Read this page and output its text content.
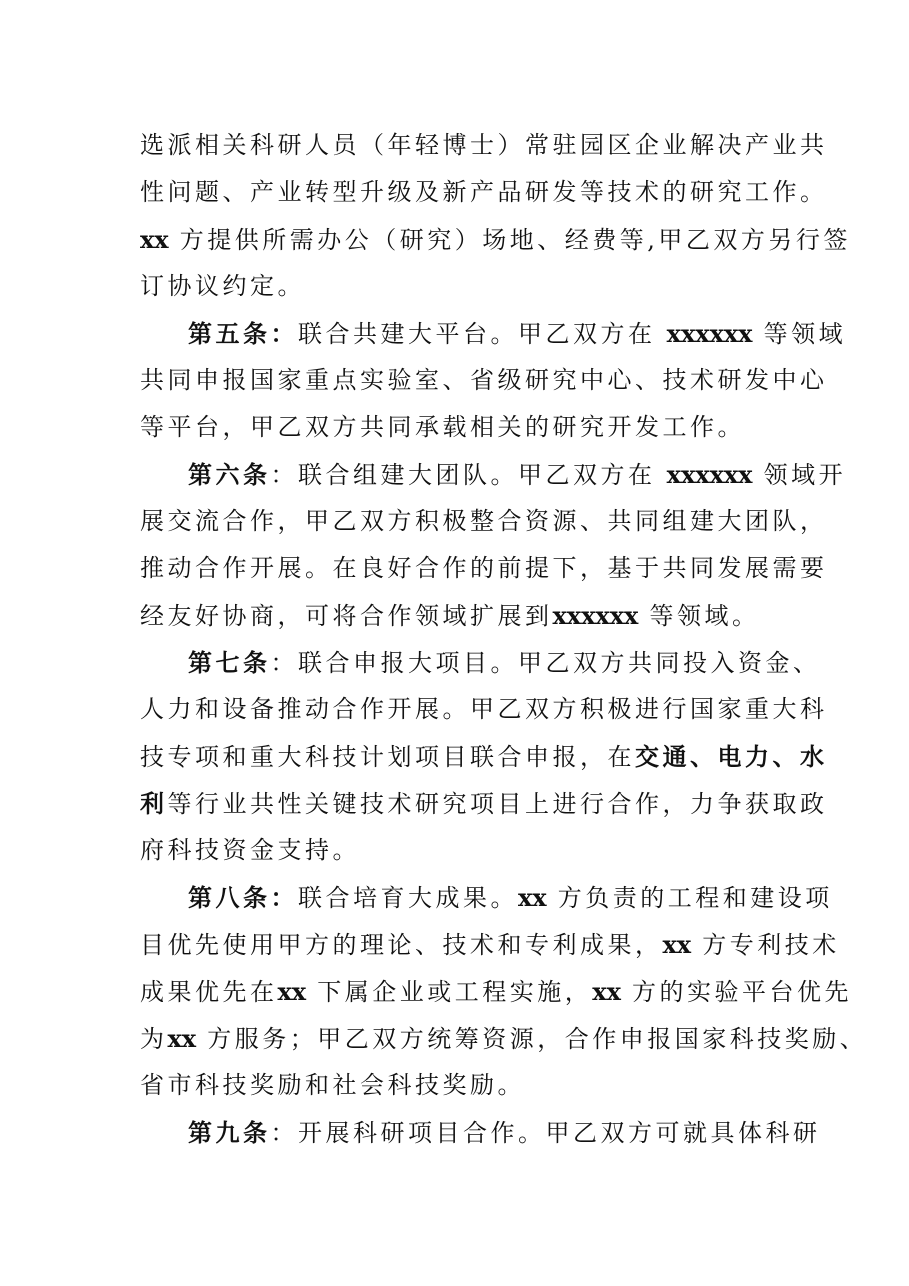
选派相关科研人员（年轻博士）常驻园区企业解决产业共
性问题、产业转型升级及新产品研发等技术的研究工作。
xx 方提供所需办公（研究）场地、经费等,甲乙双方另行签
订协议约定。
第五条：联合共建大平台。甲乙双方在 xxxxxx 等领域
共同申报国家重点实验室、省级研究中心、技术研发中心
等平台，甲乙双方共同承载相关的研究开发工作。
第六条：联合组建大团队。甲乙双方在 xxxxxx 领域开
展交流合作，甲乙双方积极整合资源、共同组建大团队，
推动合作开展。在良好合作的前提下，基于共同发展需要
经友好协商，可将合作领域扩展到xxxxxx 等领域。
第七条：联合申报大项目。甲乙双方共同投入资金、
人力和设备推动合作开展。甲乙双方积极进行国家重大科
技专项和重大科技计划项目联合申报，在交通、电力、水
利等行业共性关键技术研究项目上进行合作，力争获取政
府科技资金支持。
第八条：联合培育大成果。xx 方负责的工程和建设项
目优先使用甲方的理论、技术和专利成果，xx 方专利技术
成果优先在xx 下属企业或工程实施，xx 方的实验平台优先
为xx 方服务；甲乙双方统筹资源，合作申报国家科技奖励、
省市科技奖励和社会科技奖励。
第九条：开展科研项目合作。甲乙双方可就具体科研
